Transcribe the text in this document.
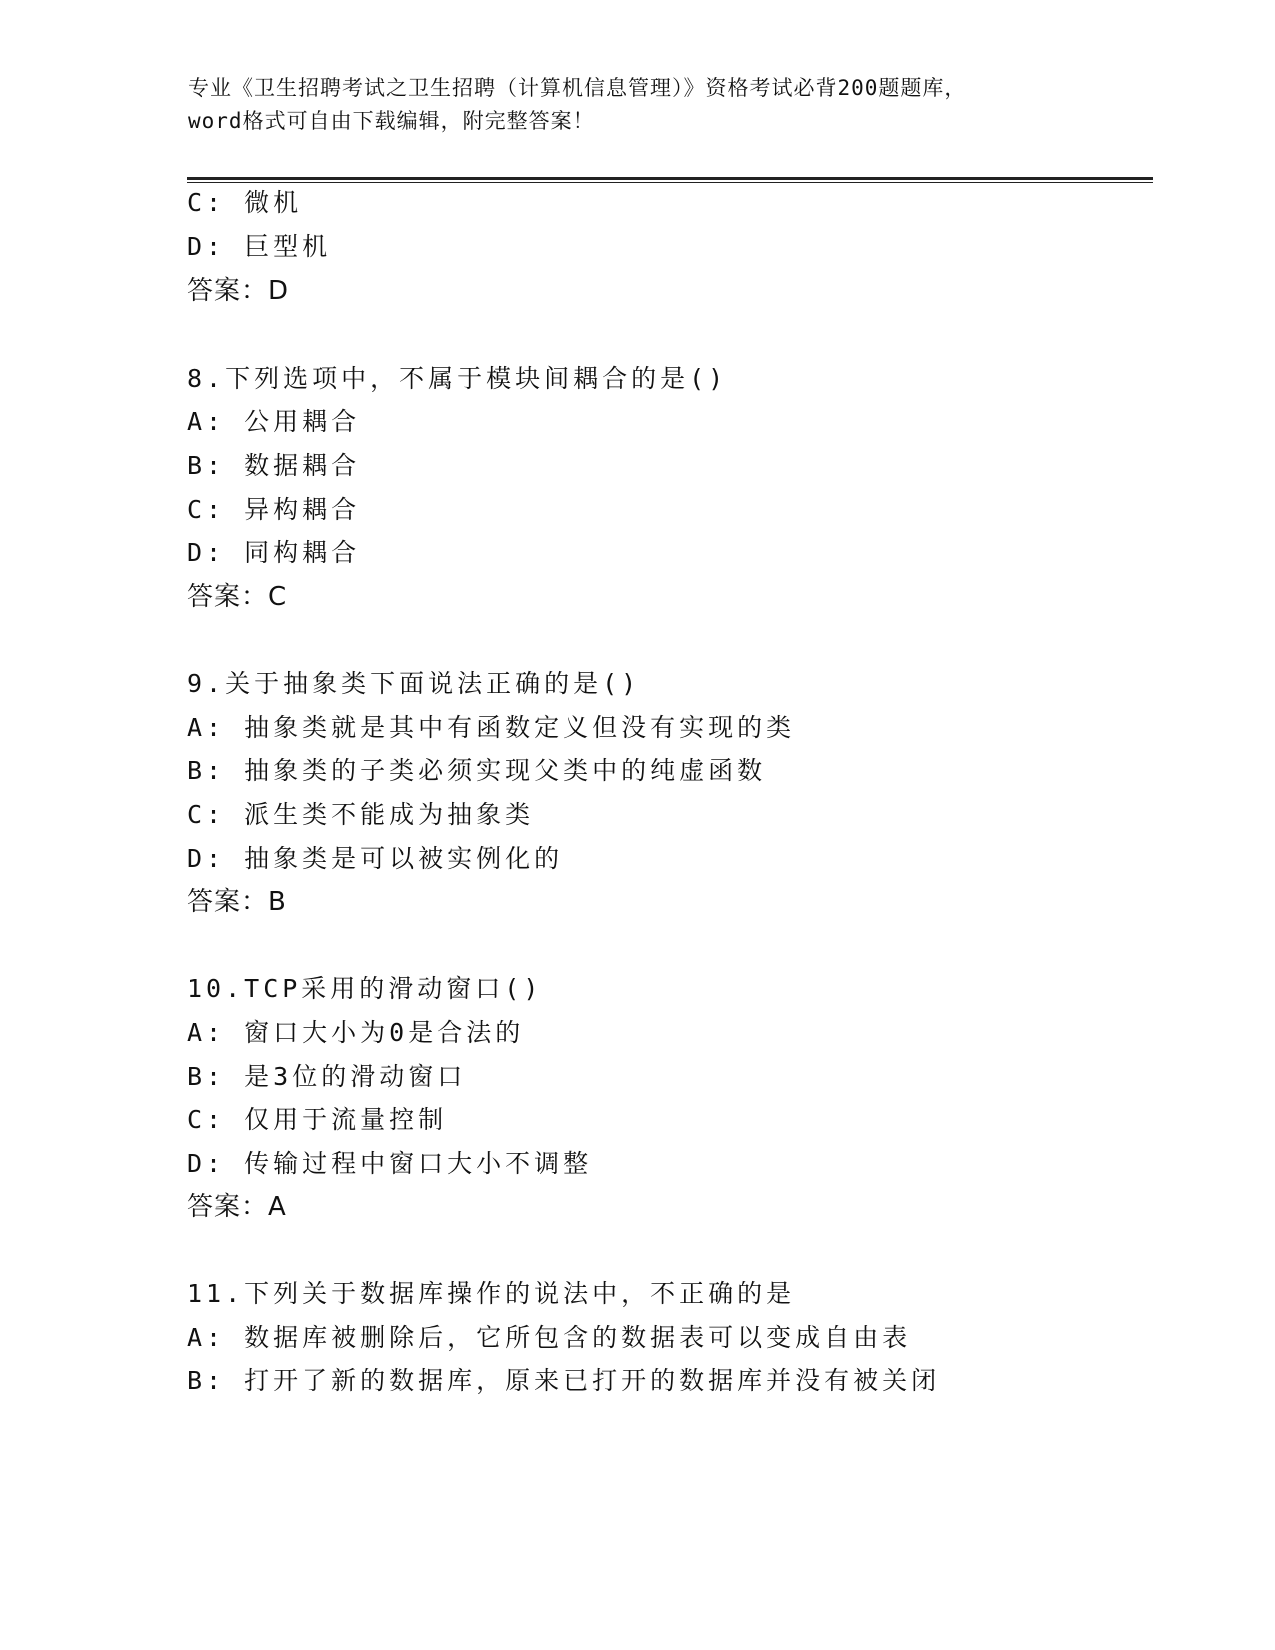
专业《卫生招聘考试之卫生招聘（计算机信息管理）》资格考试必背200题题库，
word格式可自由下载编辑，附完整答案！
C: 微机
D: 巨型机
答案：D
8.下列选项中，不属于模块间耦合的是()
A: 公用耦合
B: 数据耦合
C: 异构耦合
D: 同构耦合
答案：C
9.关于抽象类下面说法正确的是()
A: 抽象类就是其中有函数定义但没有实现的类
B: 抽象类的子类必须实现父类中的纯虚函数
C: 派生类不能成为抽象类
D: 抽象类是可以被实例化的
答案：B
10.TCP采用的滑动窗口()
A: 窗口大小为0是合法的
B: 是3位的滑动窗口
C: 仅用于流量控制
D: 传输过程中窗口大小不调整
答案：A
11.下列关于数据库操作的说法中，不正确的是
A: 数据库被删除后，它所包含的数据表可以变成自由表
B: 打开了新的数据库，原来已打开的数据库并没有被关闭
